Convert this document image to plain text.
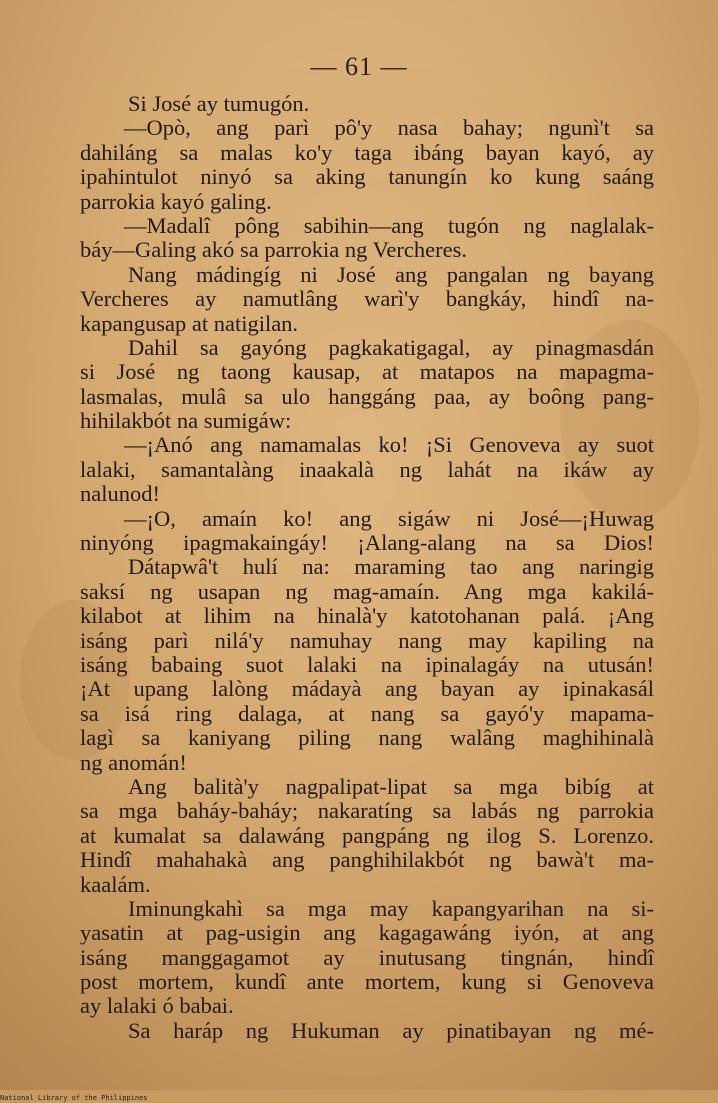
— 61 —
Si José ay tumugón.
—Opò, ang parì pô'y nasa bahay; ngunì't sa
dahiláng sa malas ko'y taga ibáng bayan kayó, ay
ipahintulot ninyó sa aking tanungín ko kung saáng
parrokia kayó galing.
—Madalî pông sabihin—ang tugón ng naglalak-
báy—Galing akó sa parrokia ng Vercheres.
Nang mádingíg ni José ang pangalan ng bayang
Vercheres ay namutlâng warì'y bangkáy, hindî na-
kapangusap at natigilan.
Dahil sa gayóng pagkakatigagal, ay pinagmasdán
si José ng taong kausap, at matapos na mapagma-
lasmalas, mulâ sa ulo hanggáng paa, ay boông pang-
hihilakbót na sumigáw:
—¡Anó ang namamalas ko! ¡Si Genoveva ay suot
lalaki, samantalàng inaakalà ng lahát na ikáw ay
nalunod!
—¡O, amaín ko! ang sigáw ni José—¡Huwag
ninyóng ipagmakaingáy! ¡Alang-alang na sa Dios!
Dátapwâ't hulí na: maraming tao ang naringig
saksí ng usapan ng mag-amaín. Ang mga kakilá-
kilabot at lihim na hinalà'y katotohanan palá. ¡Ang
isáng parì nilá'y namuhay nang may kapiling na
isáng babaing suot lalaki na ipinalagáy na utusán!
¡At upang lalòng mádayà ang bayan ay ipinakasál
sa isá ring dalaga, at nang sa gayó'y mapama-
lagì sa kaniyang piling nang walâng maghihinalà
ng anomán!
Ang balità'y nagpalipat-lipat sa mga bibíg at
sa mga baháy-baháy; nakaratíng sa labás ng parrokia
at kumalat sa dalawáng pangpáng ng ilog S. Lorenzo.
Hindî mahahakà ang panghihilakbót ng bawà't ma-
kaalám.
Iminungkahì sa mga may kapangyarihan na si-
yasatin at pag-usigin ang kagagawáng iyón, at ang
isáng manggagamot ay inutusang tingnán, hindî
post mortem, kundî ante mortem, kung si Genoveva
ay lalaki ó babai.
Sa haráp ng Hukuman ay pinatibayan ng mé-
National Library of the Philippines
